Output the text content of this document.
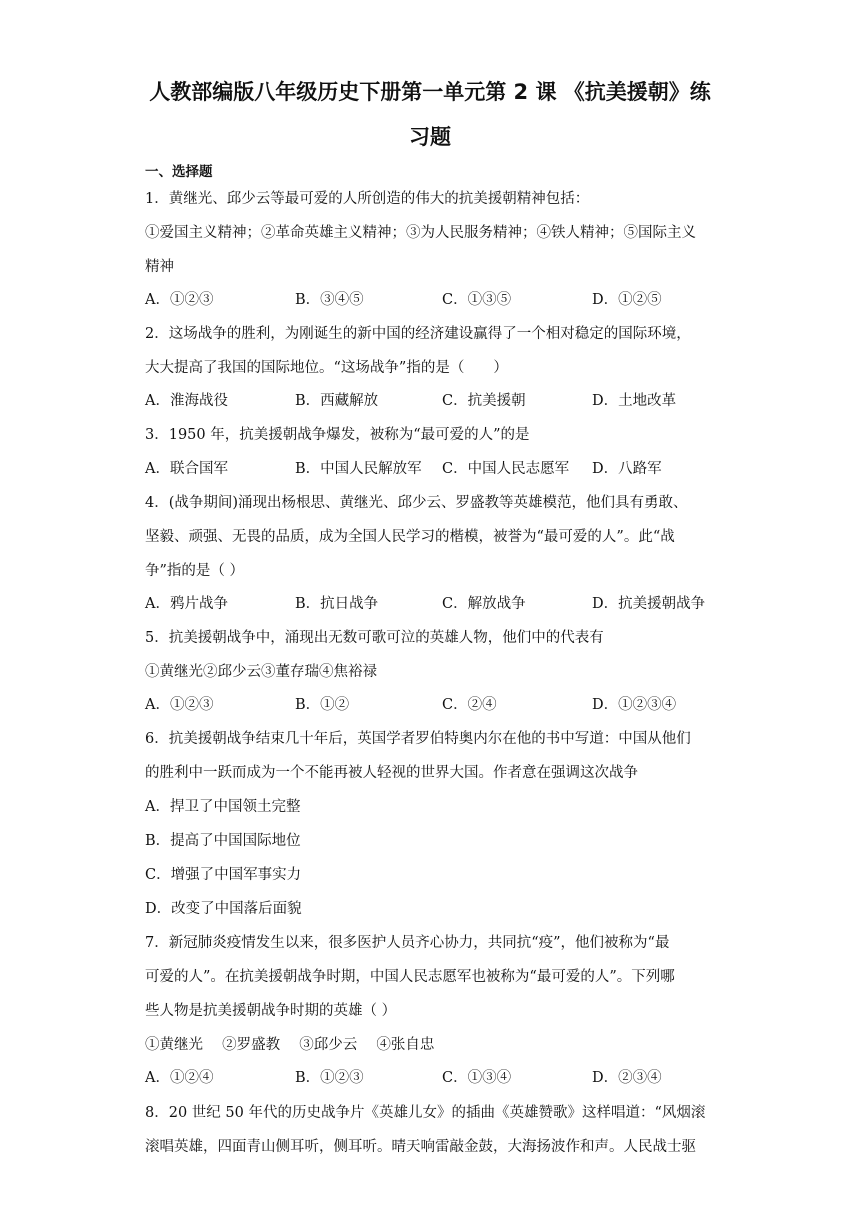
人教部编版八年级历史下册第一单元第 2 课 《抗美援朝》练
习题
一、选择题
1．黄继光、邱少云等最可爱的人所创造的伟大的抗美援朝精神包括：
①爱国主义精神；②革命英雄主义精神；③为人民服务精神；④铁人精神；⑤国际主义
精神
A．①②③	B．③④⑤	C．①③⑤	D．①②⑤
2．这场战争的胜利，为刚诞生的新中国的经济建设赢得了一个相对稳定的国际环境，
大大提高了我国的国际地位。“这场战争”指的是（　　）
A．淮海战役	B．西藏解放	C．抗美援朝	D．土地改革
3．1950 年，抗美援朝战争爆发，被称为“最可爱的人”的是
A．联合国军	B．中国人民解放军 C．中国人民志愿军 D．八路军
4．(战争期间)涌现出杨根思、黄继光、邱少云、罗盛教等英雄模范，他们具有勇敢、
坚毅、顽强、无畏的品质，成为全国人民学习的楷模，被誉为“最可爱的人”。此“战
争”指的是（ ）
A．鸦片战争	B．抗日战争	C．解放战争	D．抗美援朝战争
5．抗美援朝战争中，涌现出无数可歌可泣的英雄人物，他们中的代表有
①黄继光②邱少云③董存瑞④焦裕禄
A．①②③	B．①②	C．②④	D．①②③④
6．抗美援朝战争结束几十年后，英国学者罗伯特奥内尔在他的书中写道：中国从他们
的胜利中一跃而成为一个不能再被人轻视的世界大国。作者意在强调这次战争
A．捍卫了中国领土完整
B．提高了中国国际地位
C．增强了中国军事实力
D．改变了中国落后面貌
7．新冠肺炎疫情发生以来，很多医护人员齐心协力，共同抗“疫”，他们被称为“最
可爱的人”。在抗美援朝战争时期，中国人民志愿军也被称为“最可爱的人”。下列哪
些人物是抗美援朝战争时期的英雄（ ）
①黄继光　 ②罗盛教　 ③邱少云　 ④张自忠
A．①②④	B．①②③	C．①③④	D．②③④
8．20 世纪 50 年代的历史战争片《英雄儿女》的插曲《英雄赞歌》这样唱道：“风烟滚
滚唱英雄，四面青山侧耳听，侧耳听。晴天响雷敲金鼓，大海扬波作和声。人民战士驱
